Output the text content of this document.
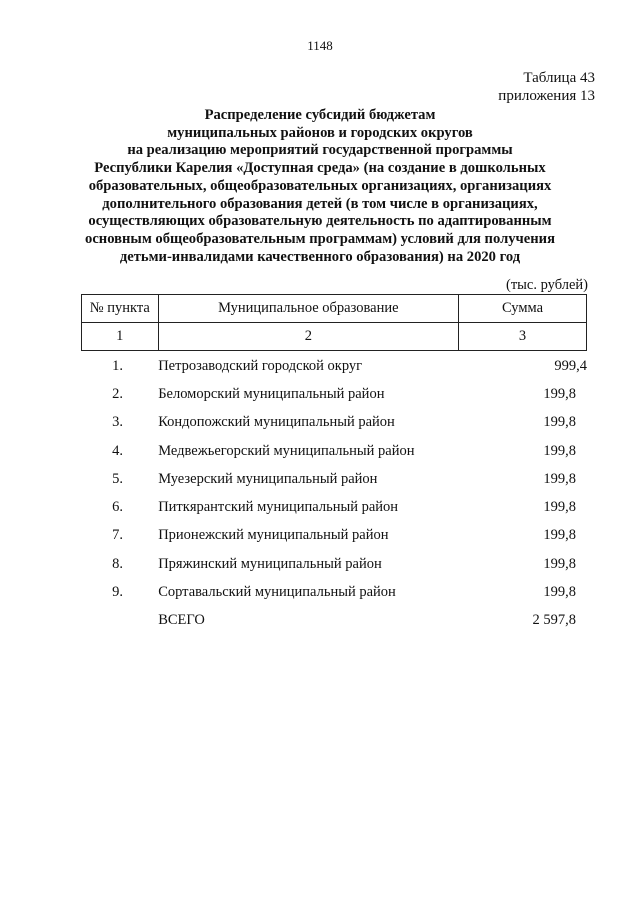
1148
Таблица 43
приложения 13
Распределение субсидий бюджетам
муниципальных районов и городских округов
на реализацию мероприятий государственной программы
Республики Карелия «Доступная среда» (на создание в дошкольных
образовательных, общеобразовательных организациях, организациях
дополнительного образования детей (в том числе в организациях,
осуществляющих образовательную деятельность по адаптированным
основным общеобразовательным программам) условий для получения
детьми-инвалидами качественного образования) на 2020 год
(тыс. рублей)
№ пункта	Муниципальное образование	Сумма
1	2	3
1.	Петрозаводский городской округ	999,4
2.	Беломорский муниципальный район	199,8
3.	Кондопожский муниципальный район	199,8
4.	Медвежьегорский муниципальный район	199,8
5.	Муезерский муниципальный район	199,8
6.	Питкярантский муниципальный район	199,8
7.	Прионежский муниципальный район	199,8
8.	Пряжинский муниципальный район	199,8
9.	Сортавальский муниципальный район	199,8
	ВСЕГО	2 597,8
